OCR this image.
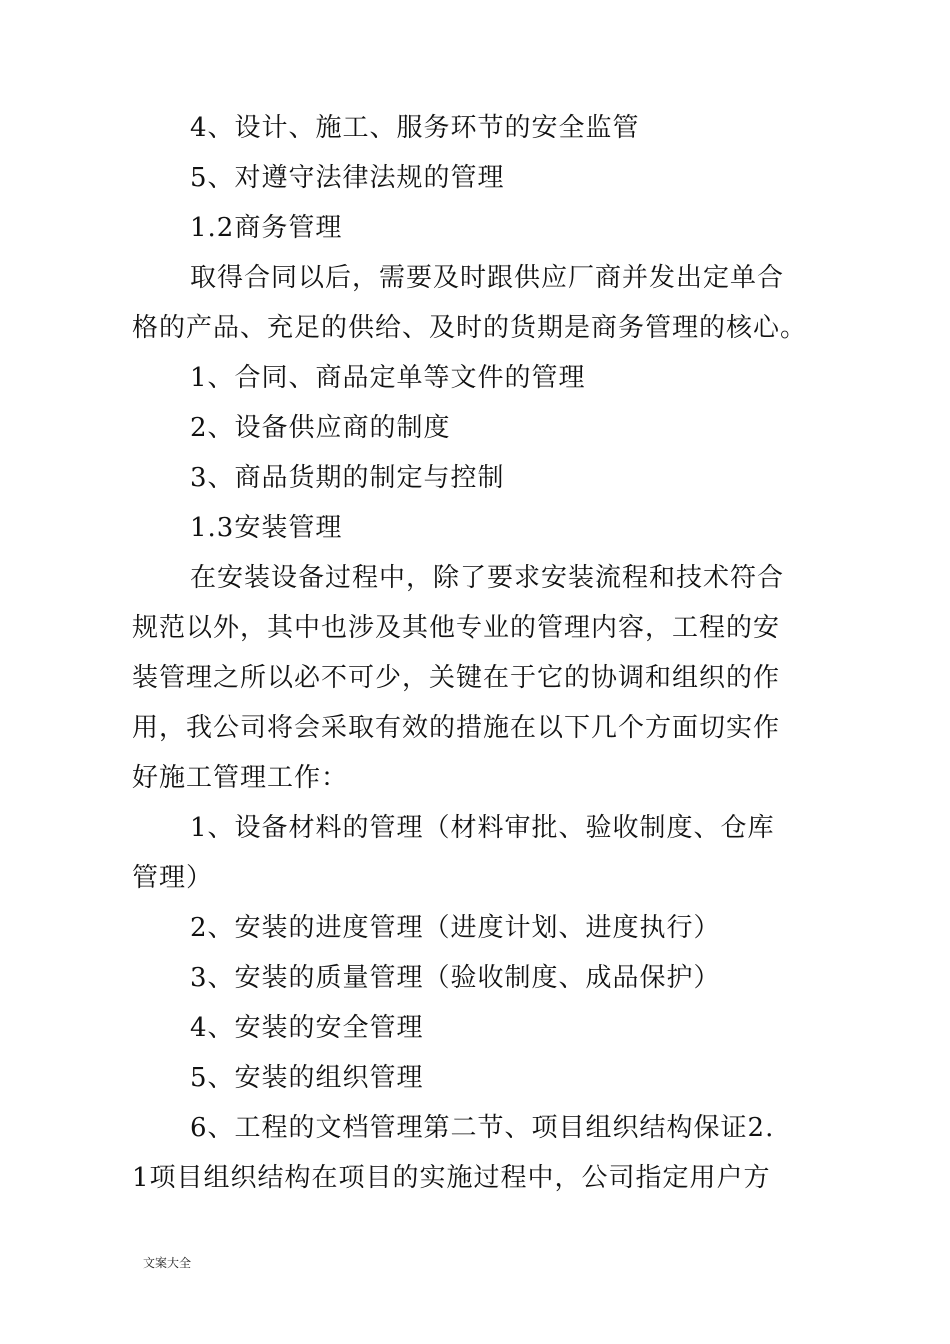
4、设计、施工、服务环节的安全监管
5、对遵守法律法规的管理
1.2商务管理
取得合同以后，需要及时跟供应厂商并发出定单合
格的产品、充足的供给、及时的货期是商务管理的核心。
1、合同、商品定单等文件的管理
2、设备供应商的制度
3、商品货期的制定与控制
1.3安装管理
在安装设备过程中，除了要求安装流程和技术符合
规范以外，其中也涉及其他专业的管理内容，工程的安
装管理之所以必不可少，关键在于它的协调和组织的作
用，我公司将会采取有效的措施在以下几个方面切实作
好施工管理工作：
1、设备材料的管理（材料审批、验收制度、仓库
管理）
2、安装的进度管理（进度计划、进度执行）
3、安装的质量管理（验收制度、成品保护）
4、安装的安全管理
5、安装的组织管理
6、工程的文档管理第二节、项目组织结构保证2.
1项目组织结构在项目的实施过程中，公司指定用户方
文案大全
